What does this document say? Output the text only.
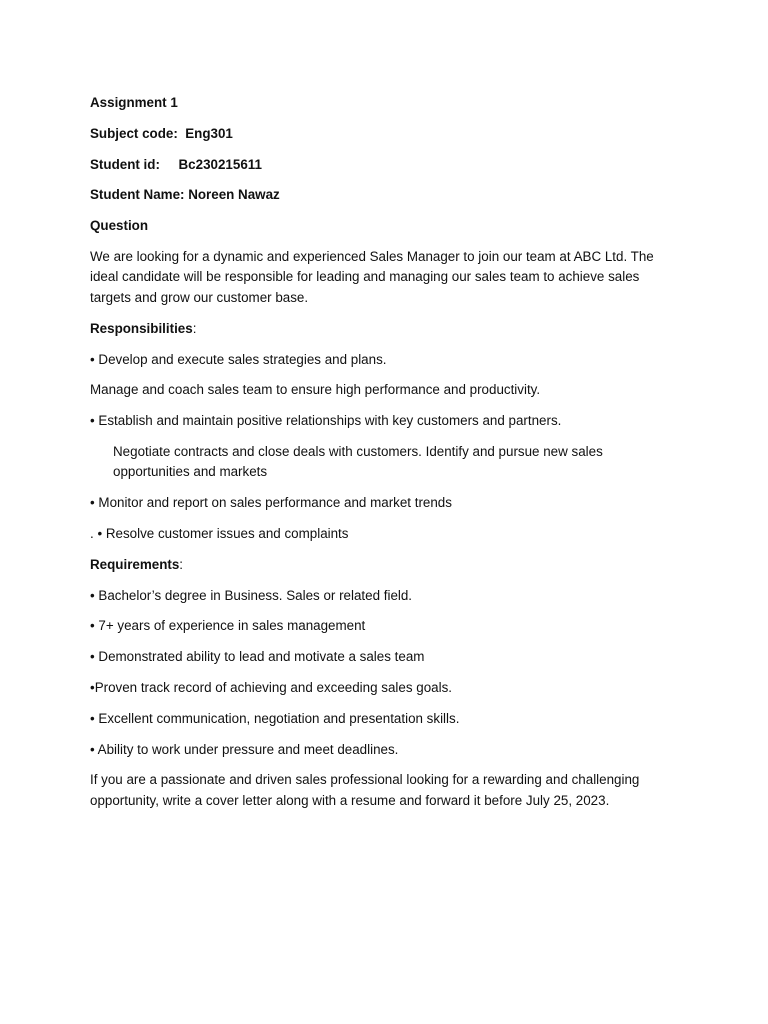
Assignment 1
Subject code:  Eng301
Student id:     Bc230215611
Student Name: Noreen Nawaz
Question
We are looking for a dynamic and experienced Sales Manager to join our team at ABC Ltd. The ideal candidate will be responsible for leading and managing our sales team to achieve sales targets and grow our customer base.
Responsibilities:
• Develop and execute sales strategies and plans.
Manage and coach sales team to ensure high performance and productivity.
• Establish and maintain positive relationships with key customers and partners.
Negotiate contracts and close deals with customers. Identify and pursue new sales opportunities and markets
• Monitor and report on sales performance and market trends
. • Resolve customer issues and complaints
Requirements:
• Bachelor’s degree in Business. Sales or related field.
• 7+ years of experience in sales management
• Demonstrated ability to lead and motivate a sales team
•Proven track record of achieving and exceeding sales goals.
• Excellent communication, negotiation and presentation skills.
• Ability to work under pressure and meet deadlines.
If you are a passionate and driven sales professional looking for a rewarding and challenging opportunity, write a cover letter along with a resume and forward it before July 25, 2023.
